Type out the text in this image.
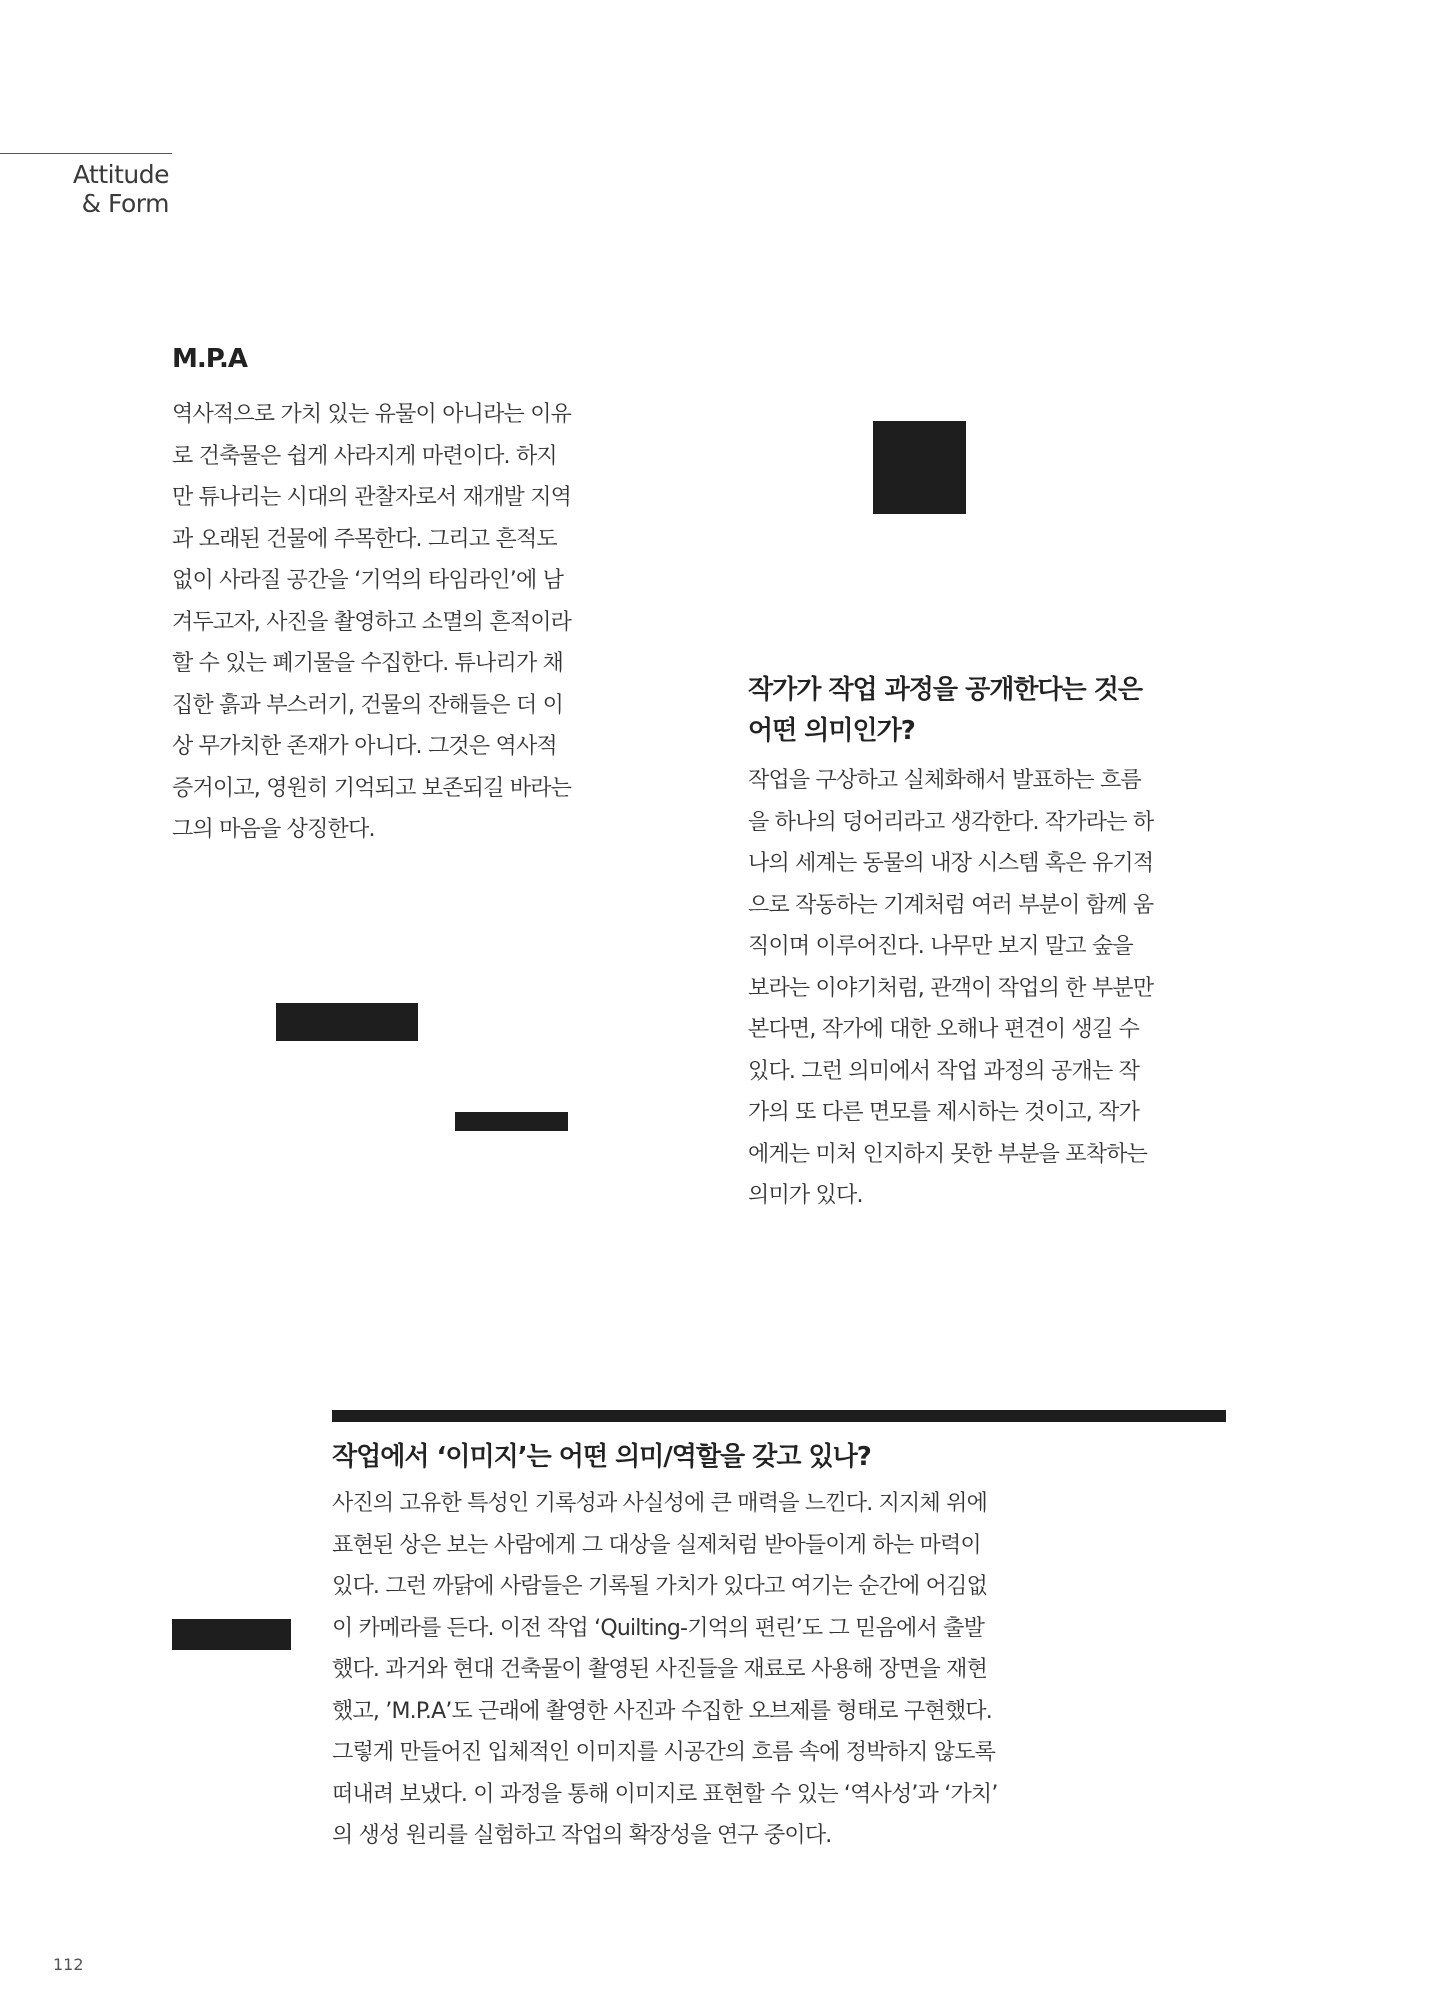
Attitude
& Form
M.P.A
역사적으로 가치 있는 유물이 아니라는 이유
로 건축물은 쉽게 사라지게 마련이다. 하지
만 튜나리는 시대의 관찰자로서 재개발 지역
과 오래된 건물에 주목한다. 그리고 흔적도
없이 사라질 공간을 ‘기억의 타임라인’에 남
겨두고자, 사진을 촬영하고 소멸의 흔적이라
할 수 있는 폐기물을 수집한다. 튜나리가 채
집한 흙과 부스러기, 건물의 잔해들은 더 이
상 무가치한 존재가 아니다. 그것은 역사적
증거이고, 영원히 기억되고 보존되길 바라는
그의 마음을 상징한다.
작가가 작업 과정을 공개한다는 것은
어떤 의미인가?
작업을 구상하고 실체화해서 발표하는 흐름
을 하나의 덩어리라고 생각한다. 작가라는 하
나의 세계는 동물의 내장 시스템 혹은 유기적
으로 작동하는 기계처럼 여러 부분이 함께 움
직이며 이루어진다. 나무만 보지 말고 숲을
보라는 이야기처럼, 관객이 작업의 한 부분만
본다면, 작가에 대한 오해나 편견이 생길 수
있다. 그런 의미에서 작업 과정의 공개는 작
가의 또 다른 면모를 제시하는 것이고, 작가
에게는 미처 인지하지 못한 부분을 포착하는
의미가 있다.
작업에서 ‘이미지’는 어떤 의미/역할을 갖고 있나?
사진의 고유한 특성인 기록성과 사실성에 큰 매력을 느낀다. 지지체 위에
표현된 상은 보는 사람에게 그 대상을 실제처럼 받아들이게 하는 마력이
있다. 그런 까닭에 사람들은 기록될 가치가 있다고 여기는 순간에 어김없
이 카메라를 든다. 이전 작업 ‘Quilting-기억의 편린’도 그 믿음에서 출발
했다. 과거와 현대 건축물이 촬영된 사진들을 재료로 사용해 장면을 재현
했고, ’M.P.A’도 근래에 촬영한 사진과 수집한 오브제를 형태로 구현했다.
그렇게 만들어진 입체적인 이미지를 시공간의 흐름 속에 정박하지 않도록
떠내려 보냈다. 이 과정을 통해 이미지로 표현할 수 있는 ‘역사성’과 ‘가치’
의 생성 원리를 실험하고 작업의 확장성을 연구 중이다.
112
